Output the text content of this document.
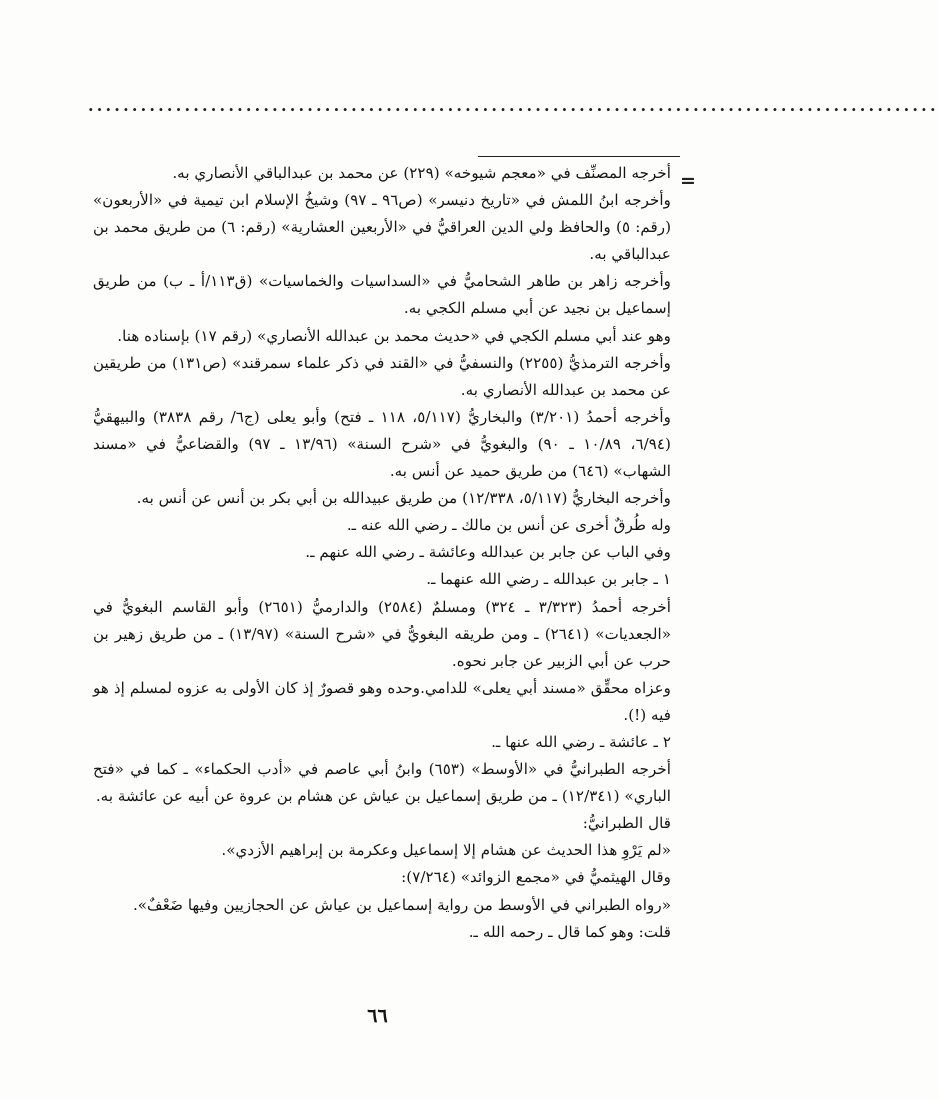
.................................................................................................
=

أخرجه المصنِّف في «معجم شيوخه» (٢٢٩) عن محمد بن عبدالباقي الأنصاري به.

وأخرجه ابنُ اللمش في «تاريخ دنيسر» (ص٩٦ ـ ٩٧) وشيخُ الإسلام ابن تيمية في «الأربعون» (رقم: ٥) والحافظ ولي الدين العراقيُّ في «الأربعين العشارية» (رقم: ٦) من طريق محمد بن عبدالباقي به.

وأخرجه زاهر بن طاهر الشحاميُّ في «السداسيات والخماسيات» (ق١١٣/أ ـ ب) من طريق إسماعيل بن نجيد عن أبي مسلم الكجي به.

وهو عند أبي مسلم الكجي في «حديث محمد بن عبدالله الأنصاري» (رقم ١٧) بإسناده هنا.

وأخرجه الترمذيُّ (٢٢٥٥) والنسفيُّ في «القند في ذكر علماء سمرقند» (ص١٣١) من طريقين عن محمد بن عبدالله الأنصاري به.

وأخرجه أحمدُ (٣/٢٠١) والبخاريُّ (٥/١١٧، ١١٨ ـ فتح) وأبو يعلى (ج٦/ رقم ٣٨٣٨) والبيهقيُّ (٦/٩٤، ١٠/٨٩ ـ ٩٠) والبغويُّ في «شرح السنة» (١٣/٩٦ ـ ٩٧) والقضاعيُّ في «مسند الشهاب» (٦٤٦) من طريق حميد عن أنس به.

وأخرجه البخاريُّ (٥/١١٧، ١٢/٣٣٨) من طريق عبيدالله بن أبي بكر بن أنس عن أنس به.

وله طُرقٌ أخرى عن أنس بن مالك ـ رضي الله عنه ـ.

وفي الباب عن جابر بن عبدالله وعائشة ـ رضي الله عنهم ـ.

١ ـ جابر بن عبدالله ـ رضي الله عنهما ـ.

أخرجه أحمدُ (٣/٣٢٣ ـ ٣٢٤) ومسلمٌ (٢٥٨٤) والدارميُّ (٢٦٥١) وأبو القاسم البغويُّ في «الجعديات» (٢٦٤١) ـ ومن طريقه البغويُّ في «شرح السنة» (١٣/٩٧) ـ من طريق زهير بن حرب عن أبي الزبير عن جابر نحوه.

وعزاه محقِّق «مسند أبي يعلى» للدامي.وحده وهو قصورٌ إذ كان الأولى به عزوه لمسلم إذ هو فيه (!).

٢ ـ عائشة ـ رضي الله عنها ـ.

أخرجه الطبرانيُّ في «الأوسط» (٦٥٣) وابنُ أبي عاصم في «أدب الحكماء» ـ كما في «فتح الباري» (١٢/٣٤١) ـ من طريق إسماعيل بن عياش عن هشام بن عروة عن أبيه عن عائشة به.

قال الطبرانيُّ:

«لم يَرْوِ هذا الحديث عن هشام إلا إسماعيل وعكرمة بن إبراهيم الأزدي».

وقال الهيثميُّ في «مجمع الزوائد» (٧/٢٦٤):

«رواه الطبراني في الأوسط من رواية إسماعيل بن عياش عن الحجازيين وفيها ضَعْفٌ».

قلت: وهو كما قال ـ رحمه الله ـ.

٦٦
